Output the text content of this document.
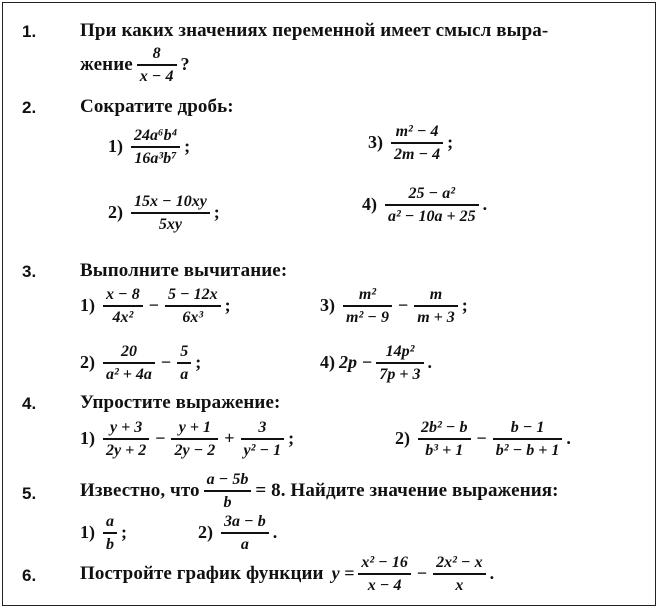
1. При каких значениях переменной имеет смысл выра-
жение $\frac{8}{x - 4}$ ?
2. Сократите дробь:
$1) \frac{\text{24a⁶b⁴}}{\text{16a³b⁷}}$ ;
$2) \frac{15x - 10xy}{5xy}$ ;
$3) \frac{\text{m² − 4}}{2m - 4}$ ;
$4) \frac{\text{25 − a²}}{\text{a² − 10a + 25}}$ .
3. Выполните вычитание:
$1) \frac{x - 8}{\text{4x²}} - \frac{5 - 12x}{\text{6x³}}$ ;
$2) \frac{20}{\text{a² + 4a}} - \frac{5}{a}$ ;
$3) \frac{\text{m²}}{\text{m² − 9}} - \frac{m}{m + 3}$ ;
4) $2p - \frac{\text{14p²}}{7p + 3}$ .
4. Упростите выражение:
$1) \frac{y + 3}{2y + 2} - \frac{y + 1}{2y - 2} + \frac{3}{\text{y² − 1}}$ ;	$2) \frac{\text{2b² − b}}{\text{b³ + 1}} - \frac{b - 1}{\text{b² − b + 1}}$ .
5. Известно, что $\frac{a - 5b}{b} = 8$. Найдите значение выражения:
$1) \frac{a}{b}$ ;	$2) \frac{3a - b}{a}$ .
6. Постройте график функции $y = \frac{\text{x² − 16}}{x - 4} - \frac{\text{2x² − x}}{x}$ .
